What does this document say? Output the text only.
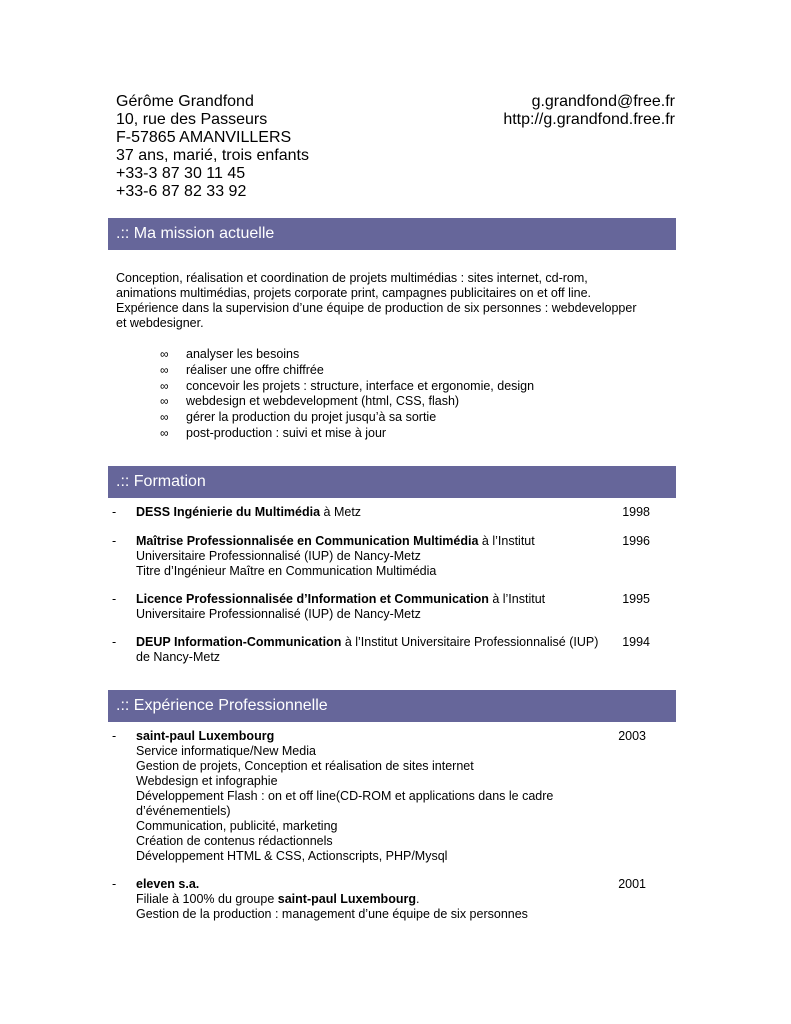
Gérôme Grandfond
10, rue des Passeurs
F-57865 AMANVILLERS
37 ans, marié, trois enfants
+33-3 87 30 11 45
+33-6 87 82 33 92
g.grandfond@free.fr
http://g.grandfond.free.fr
.:: Ma mission actuelle
Conception, réalisation et coordination de projets multimédias : sites internet, cd-rom,
animations multimédias, projets corporate print, campagnes publicitaires on et off line.
Expérience dans la supervision d’une équipe de production de six personnes : webdevelopper
et webdesigner.
∞ analyser les besoins
∞ réaliser une offre chiffrée
∞ concevoir les projets : structure, interface et ergonomie, design
∞ webdesign et webdevelopment (html, CSS, flash)
∞ gérer la production du projet jusqu’à sa sortie
∞ post-production : suivi et mise à jour
.:: Formation
- DESS Ingénierie du Multimédia à Metz	1998
- Maîtrise Professionnalisée en Communication Multimédia à l’Institut
Universitaire Professionnalisé (IUP) de Nancy-Metz
Titre d’Ingénieur Maître en Communication Multimédia
1996
- Licence Professionnalisée d’Information et Communication à l’Institut
Universitaire Professionnalisé (IUP) de Nancy-Metz
1995
- DEUP Information-Communication à l’Institut Universitaire Professionnalisé (IUP)
de Nancy-Metz
1994
.:: Expérience Professionnelle
- saint-paul Luxembourg
Service informatique/New Media
Gestion de projets, Conception et réalisation de sites internet
Webdesign et infographie
Développement Flash : on et off line(CD-ROM et applications dans le cadre
d’événementiels)
Communication, publicité, marketing
Création de contenus rédactionnels
Développement HTML & CSS, Actionscripts, PHP/Mysql
2003
- eleven s.a.
Filiale à 100% du groupe saint-paul Luxembourg.
Gestion de la production : management d’une équipe de six personnes
2001
